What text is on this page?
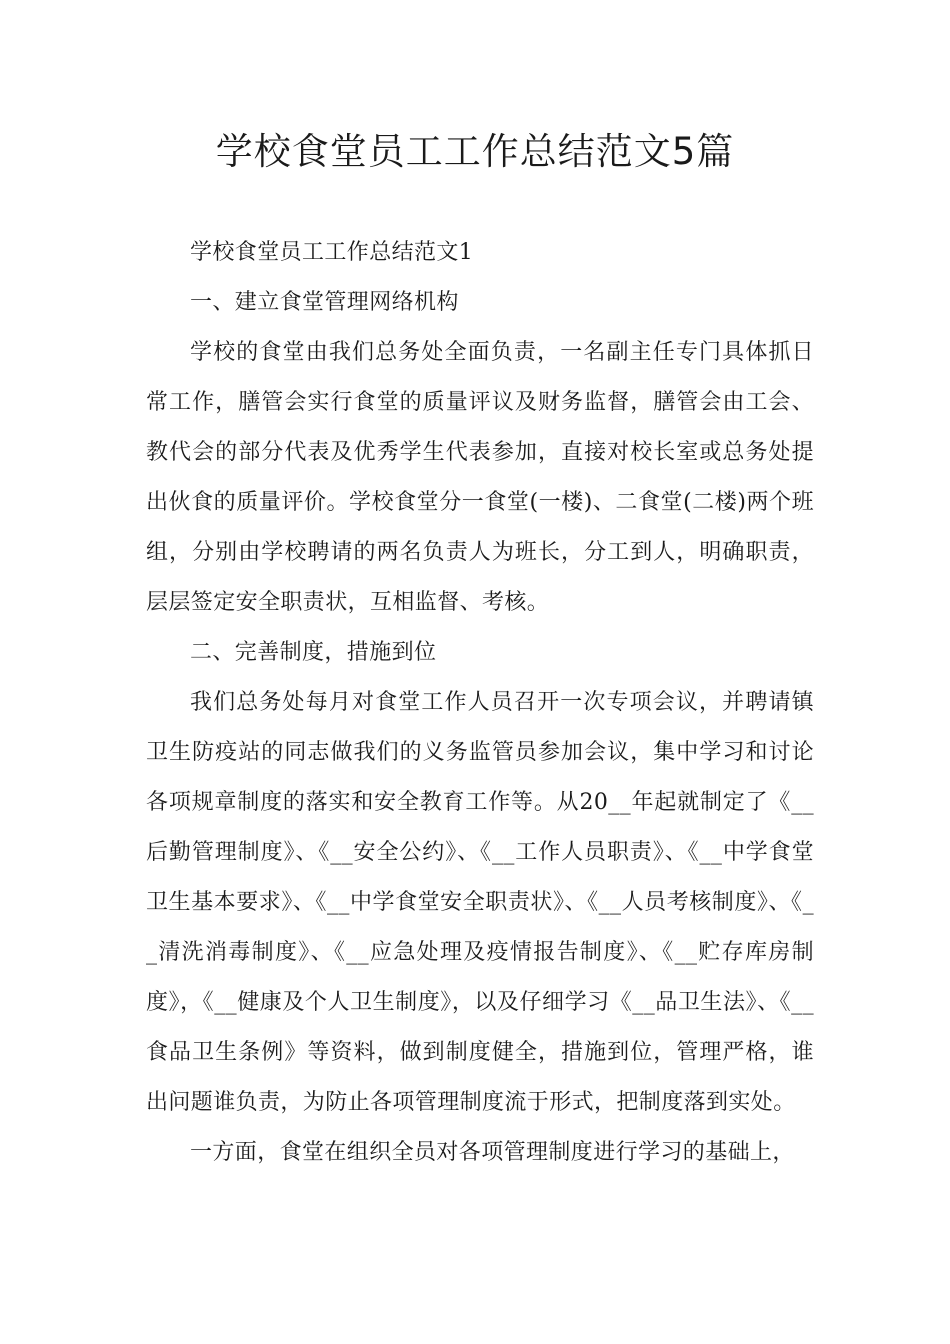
学校食堂员工工作总结范文5篇

学校食堂员工工作总结范文1

一、建立食堂管理网络机构

学校的食堂由我们总务处全面负责，一名副主任专门具体抓日常工作，膳管会实行食堂的质量评议及财务监督，膳管会由工会、教代会的部分代表及优秀学生代表参加，直接对校长室或总务处提出伙食的质量评价。学校食堂分一食堂(一楼)、二食堂(二楼)两个班组，分别由学校聘请的两名负责人为班长，分工到人，明确职责，层层签定安全职责状，互相监督、考核。

二、完善制度，措施到位

我们总务处每月对食堂工作人员召开一次专项会议，并聘请镇卫生防疫站的同志做我们的义务监管员参加会议，集中学习和讨论各项规章制度的落实和安全教育工作等。从20__年起就制定了《__后勤管理制度》、《__安全公约》、《__工作人员职责》、《__中学食堂卫生基本要求》、《__中学食堂安全职责状》、《__人员考核制度》、《__清洗消毒制度》、《__应急处理及疫情报告制度》、《__贮存库房制度》，《__健康及个人卫生制度》，以及仔细学习《__品卫生法》、《__食品卫生条例》等资料，做到制度健全，措施到位，管理严格，谁出问题谁负责，为防止各项管理制度流于形式，把制度落到实处。

一方面，食堂在组织全员对各项管理制度进行学习的基础上，
